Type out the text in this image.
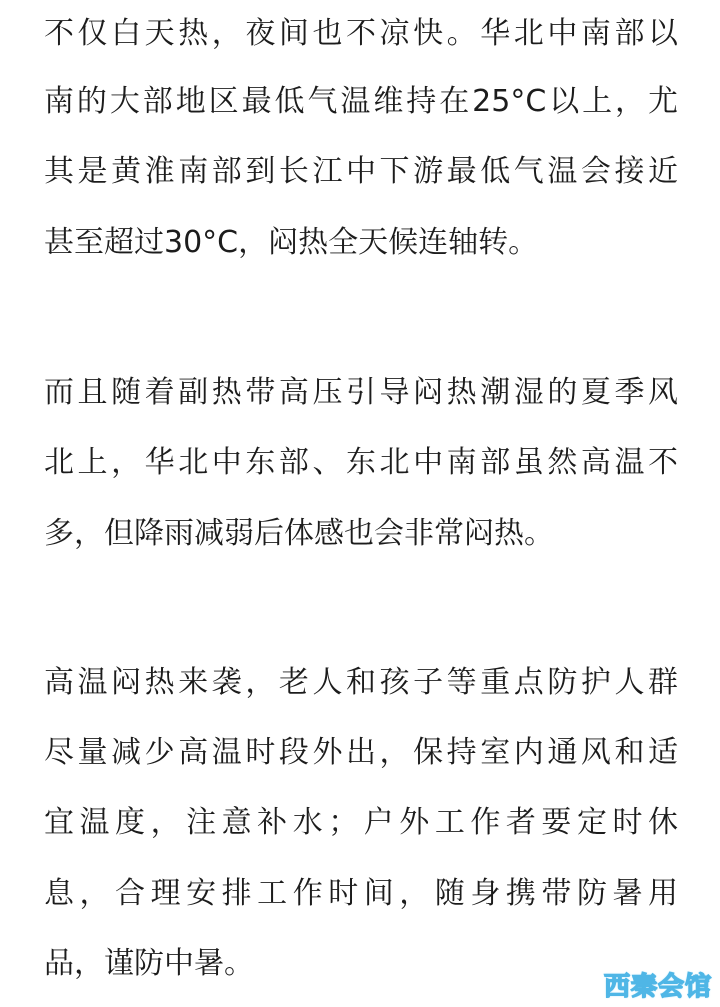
不仅白天热，夜间也不凉快。华北中南部以
南的大部地区最低气温维持在25°C以上，尤
其是黄淮南部到长江中下游最低气温会接近
甚至超过30°C，闷热全天候连轴转。
而且随着副热带高压引导闷热潮湿的夏季风
北上，华北中东部、东北中南部虽然高温不
多，但降雨减弱后体感也会非常闷热。
高温闷热来袭，老人和孩子等重点防护人群
尽量减少高温时段外出，保持室内通风和适
宜温度，注意补水；户外工作者要定时休
息，合理安排工作时间，随身携带防暑用
品，谨防中暑。
西秦会馆
